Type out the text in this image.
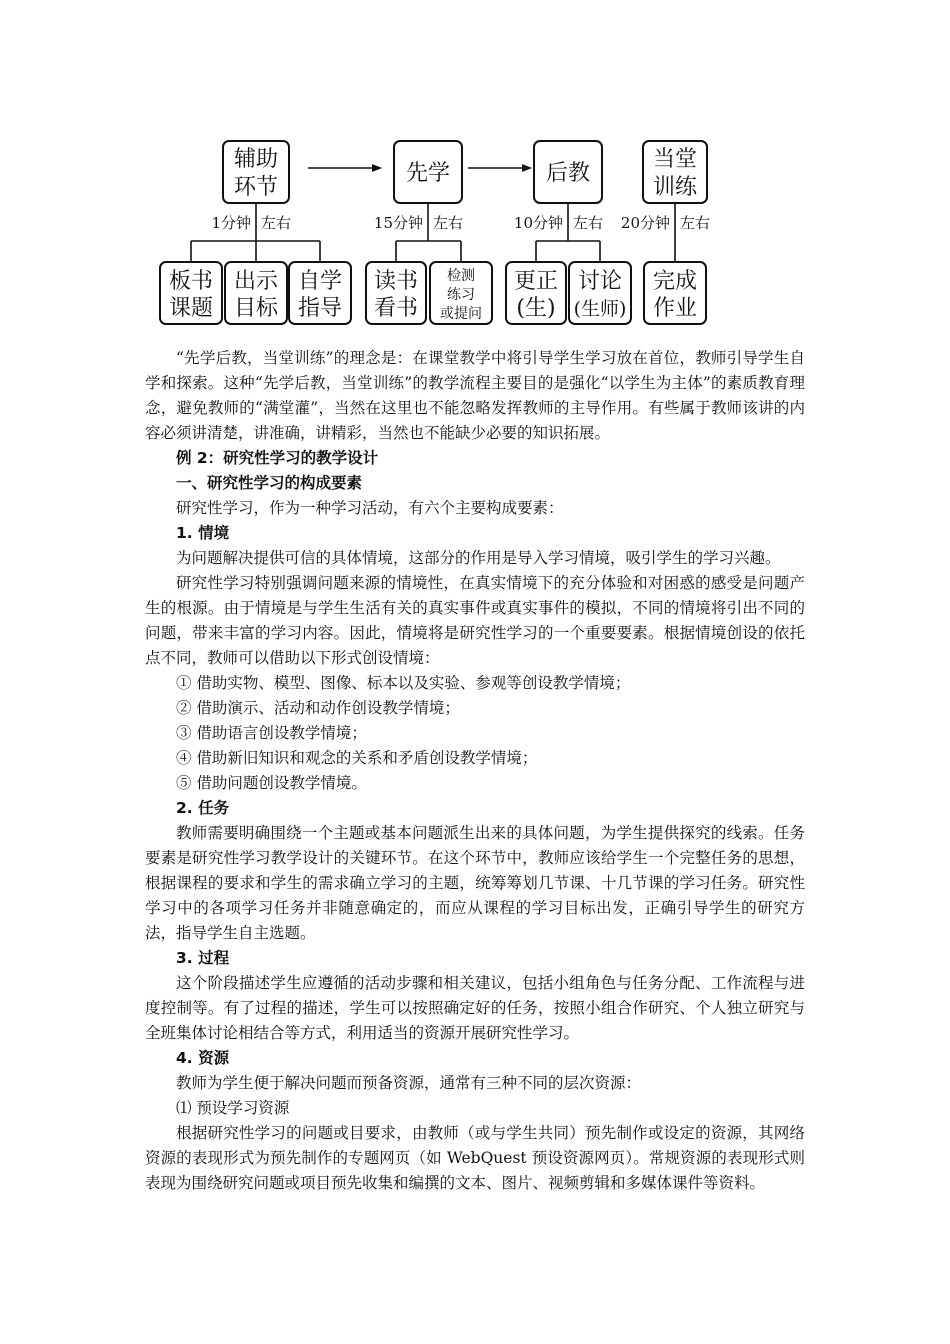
辅助
环节
1分钟 左右
板书
课题
出示
目标
自学
指导
先学
15分钟 左右
读书
看书
检测
练习
或提问
后教
10分钟 左右
更正
(生)
讨论
(生师)
当堂
训练
20分钟 左右
完成
作业

“先学后教，当堂训练”的理念是：在课堂教学中将引导学生学习放在首位，教师引导学生自学和探索。这种“先学后教，当堂训练”的教学流程主要目的是强化“以学生为主体”的素质教育理念，避免教师的“满堂灌”，当然在这里也不能忽略发挥教师的主导作用。有些属于教师该讲的内容必须讲清楚，讲准确，讲精彩，当然也不能缺少必要的知识拓展。

例 2：研究性学习的教学设计

一、研究性学习的构成要素

研究性学习，作为一种学习活动，有六个主要构成要素：

1. 情境

为问题解决提供可信的具体情境，这部分的作用是导入学习情境，吸引学生的学习兴趣。

研究性学习特别强调问题来源的情境性，在真实情境下的充分体验和对困惑的感受是问题产生的根源。由于情境是与学生生活有关的真实事件或真实事件的模拟，不同的情境将引出不同的问题，带来丰富的学习内容。因此，情境将是研究性学习的一个重要要素。根据情境创设的依托点不同，教师可以借助以下形式创设情境：

① 借助实物、模型、图像、标本以及实验、参观等创设教学情境；

② 借助演示、活动和动作创设教学情境；

③ 借助语言创设教学情境；

④ 借助新旧知识和观念的关系和矛盾创设教学情境；

⑤ 借助问题创设教学情境。

2. 任务

教师需要明确围绕一个主题或基本问题派生出来的具体问题，为学生提供探究的线索。任务要素是研究性学习教学设计的关键环节。在这个环节中，教师应该给学生一个完整任务的思想，根据课程的要求和学生的需求确立学习的主题，统筹筹划几节课、十几节课的学习任务。研究性学习中的各项学习任务并非随意确定的，而应从课程的学习目标出发，正确引导学生的研究方法，指导学生自主选题。

3. 过程

这个阶段描述学生应遵循的活动步骤和相关建议，包括小组角色与任务分配、工作流程与进度控制等。有了过程的描述，学生可以按照确定好的任务，按照小组合作研究、个人独立研究与全班集体讨论相结合等方式，利用适当的资源开展研究性学习。

4. 资源

教师为学生便于解决问题而预备资源，通常有三种不同的层次资源：

⑴ 预设学习资源

根据研究性学习的问题或目要求，由教师（或与学生共同）预先制作或设定的资源，其网络资源的表现形式为预先制作的专题网页（如 WebQuest 预设资源网页）。常规资源的表现形式则表现为围绕研究问题或项目预先收集和编撰的文本、图片、视频剪辑和多媒体课件等资料。
